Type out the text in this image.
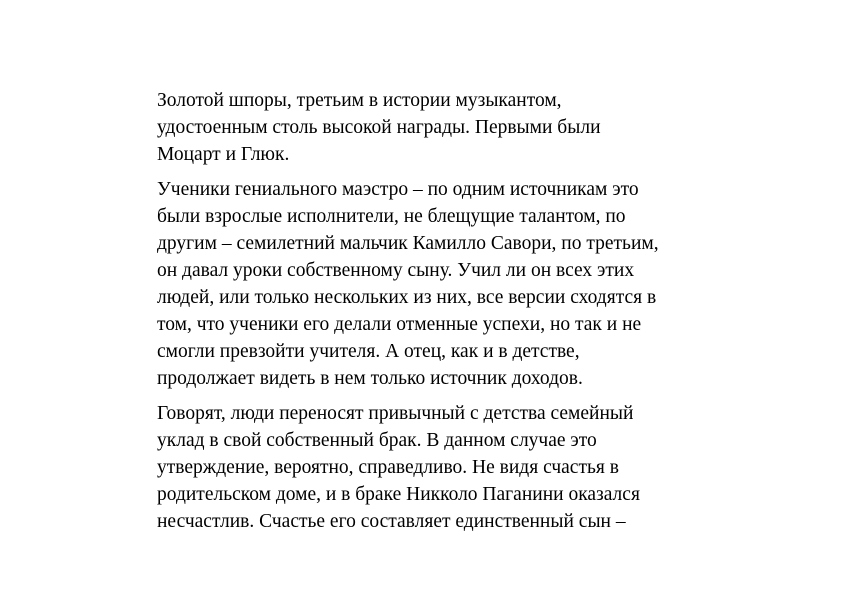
Золотой шпоры, третьим в истории музыкантом,
удостоенным столь высокой награды. Первыми были
Моцарт и Глюк.

Ученики гениального маэстро – по одним источникам это
были взрослые исполнители, не блещущие талантом, по
другим – семилетний мальчик Камилло Савори, по третьим,
он давал уроки собственному сыну. Учил ли он всех этих
людей, или только нескольких из них, все версии сходятся в
том, что ученики его делали отменные успехи, но так и не
смогли превзойти учителя. А отец, как и в детстве,
продолжает видеть в нем только источник доходов.

Говорят, люди переносят привычный с детства семейный
уклад в свой собственный брак. В данном случае это
утверждение, вероятно, справедливо. Не видя счастья в
родительском доме, и в браке Никколо Паганини оказался
несчастлив. Счастье его составляет единственный сын –
